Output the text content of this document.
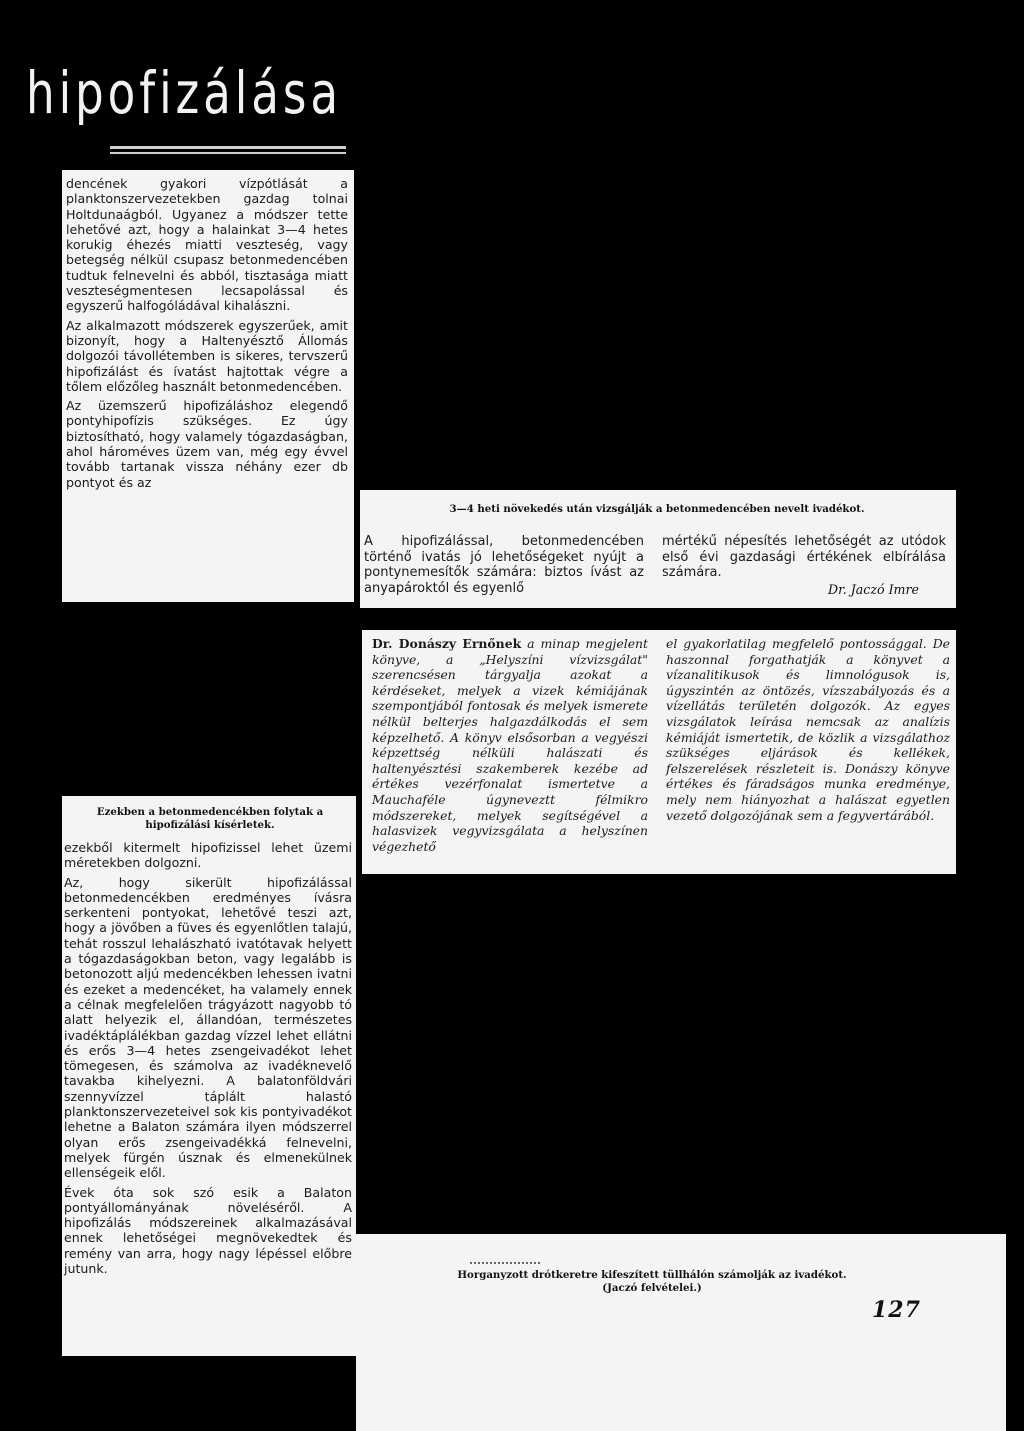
hipofizálása

dencének gyakori vízpótlását a planktonszervezetekben gazdag tolnai Holtdunaágból. Ugyanez a módszer tette lehetővé azt, hogy a halainkat 3—4 hetes korukig éhezés miatti veszteség, vagy betegség nélkül csupasz betonmedencében tudtuk felnevelni és abból, tisztasága miatt veszteségmentesen lecsapolással és egyszerű halfogóládával kihalászni.

Az alkalmazott módszerek egyszerűek, amit bizonyít, hogy a Haltenyésztő Állomás dolgozói távollétemben is sikeres, tervszerű hipofizálást és ívatást hajtottak végre a tőlem előzőleg használt betonmedencében.

Az üzemszerű hipofizáláshoz elegendő pontyhipofízis szükséges. Ez úgy biztosítható, hogy valamely tógazdaságban, ahol hároméves üzem van, még egy évvel tovább tartanak vissza néhány ezer db pontyot és az

3—4 heti növekedés után vizsgálják a betonmedencében nevelt ivadékot.
A hipofizálással, betonmedencében történő ivatás jó lehetőségeket nyújt a pontynemesítők számára: biztos ívást az anyapároktól és egyenlő
mértékű népesítés lehetőségét az utódok első évi gazdasági értékének elbírálása számára.
Dr. Jaczó Imre
Dr. Donászy Ernőnek a minap megjelent könyve, a „Helyszíni vízvizsgálat" szerencsésen tárgyalja azokat a kérdéseket, melyek a vizek kémiájának szempontjából fontosak és melyek ismerete nélkül belterjes halgazdálkodás el sem képzelhető. A könyv elsősorban a vegyészi képzettség nélküli halászati és haltenyésztési szakemberek kezébe ad értékes vezérfonalat ismertetve a Mauchaféle úgyneveztt félmikro módszereket, melyek segítségével a halasvizek vegyvizsgálata a helyszínen végezhető
el gyakorlatilag megfelelő pontossággal. De haszonnal forgathatják a könyvet a vízanalitikusok és limnológusok is, úgyszintén az öntözés, vízszabályozás és a vízellátás területén dolgozók. Az egyes vizsgálatok leírása nemcsak az analízis kémiáját ismertetik, de közlik a vizsgálathoz szükséges eljárások és kellékek, felszerelések részleteit is. Donászy könyve értékes és fáradságos munka eredménye, mely nem hiányozhat a halászat egyetlen vezető dolgozójának sem a fegyvertárából.
Ezekben a betonmedencékben folytak a hipofizálási kísérletek.

ezekből kitermelt hipofizissel lehet üzemi méretekben dolgozni.

Az, hogy sikerült hipofizálással betonmedencékben eredményes ívásra serkenteni pontyokat, lehetővé teszi azt, hogy a jövőben a füves és egyenlőtlen talajú, tehát rosszul lehalászható ivatótavak helyett a tógazdaságokban beton, vagy legalább is betonozott aljú medencékben lehessen ivatni és ezeket a medencéket, ha valamely ennek a célnak megfelelően trágyázott nagyobb tó alatt helyezik el, állandóan, természetes ivadéktáplálékban gazdag vízzel lehet ellátni és erős 3—4 hetes zsengeivadékot lehet tömegesen, és számolva az ivadéknevelő tavakba kihelyezni. A balatonföldvári szennyvízzel táplált halastó planktonszervezeteivel sok kis pontyivadékot lehetne a Balaton számára ilyen módszerrel olyan erős zsengeivadékká felnevelni, melyek fürgén úsznak és elmenekülnek ellenségeik elől.

Évek óta sok szó esik a Balaton pontyállományának növeléséről. A hipofizálás módszereinek alkalmazásával ennek lehetőségei megnövekedtek és remény van arra, hogy nagy lépéssel előbre jutunk.	Horganyzott drótkeretre kifeszített tüllhálón számolják az ivadékot.
(Jaczó felvételei.)
127
